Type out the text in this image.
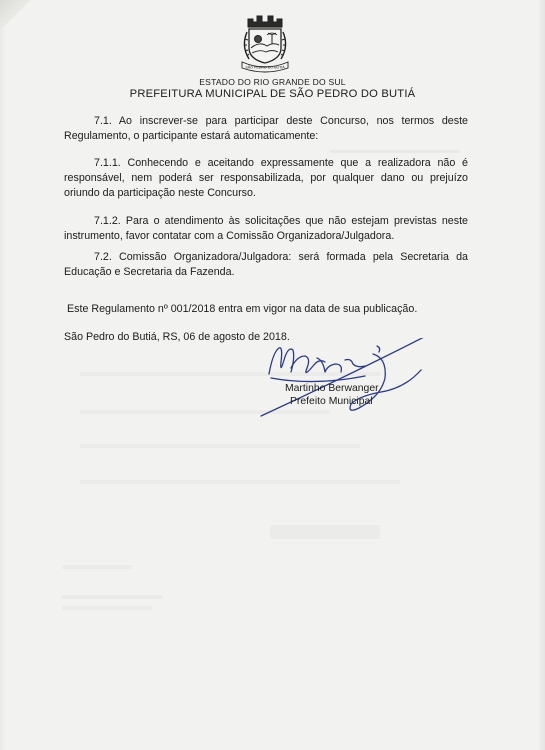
SÃO PEDRO DO BUTIÁ
ESTADO DO RIO GRANDE DO SUL
PREFEITURA MUNICIPAL DE SÃO PEDRO DO BUTIÁ
7.1. Ao inscrever-se para participar deste Concurso, nos termos deste Regulamento, o participante estará automaticamente:
7.1.1. Conhecendo e aceitando expressamente que a realizadora não é responsável, nem poderá ser responsabilizada, por qualquer dano ou prejuízo oriundo da participação neste Concurso.
7.1.2. Para o atendimento às solicitações que não estejam previstas neste instrumento, favor contatar com a Comissão Organizadora/Julgadora.
7.2. Comissão Organizadora/Julgadora: será formada pela Secretaria da Educação e Secretaria da Fazenda.
Este Regulamento nº 001/2018 entra em vigor na data de sua publicação.
São Pedro do Butiá, RS, 06 de agosto de 2018.
Martinho Berwanger
Prefeito Municipal
